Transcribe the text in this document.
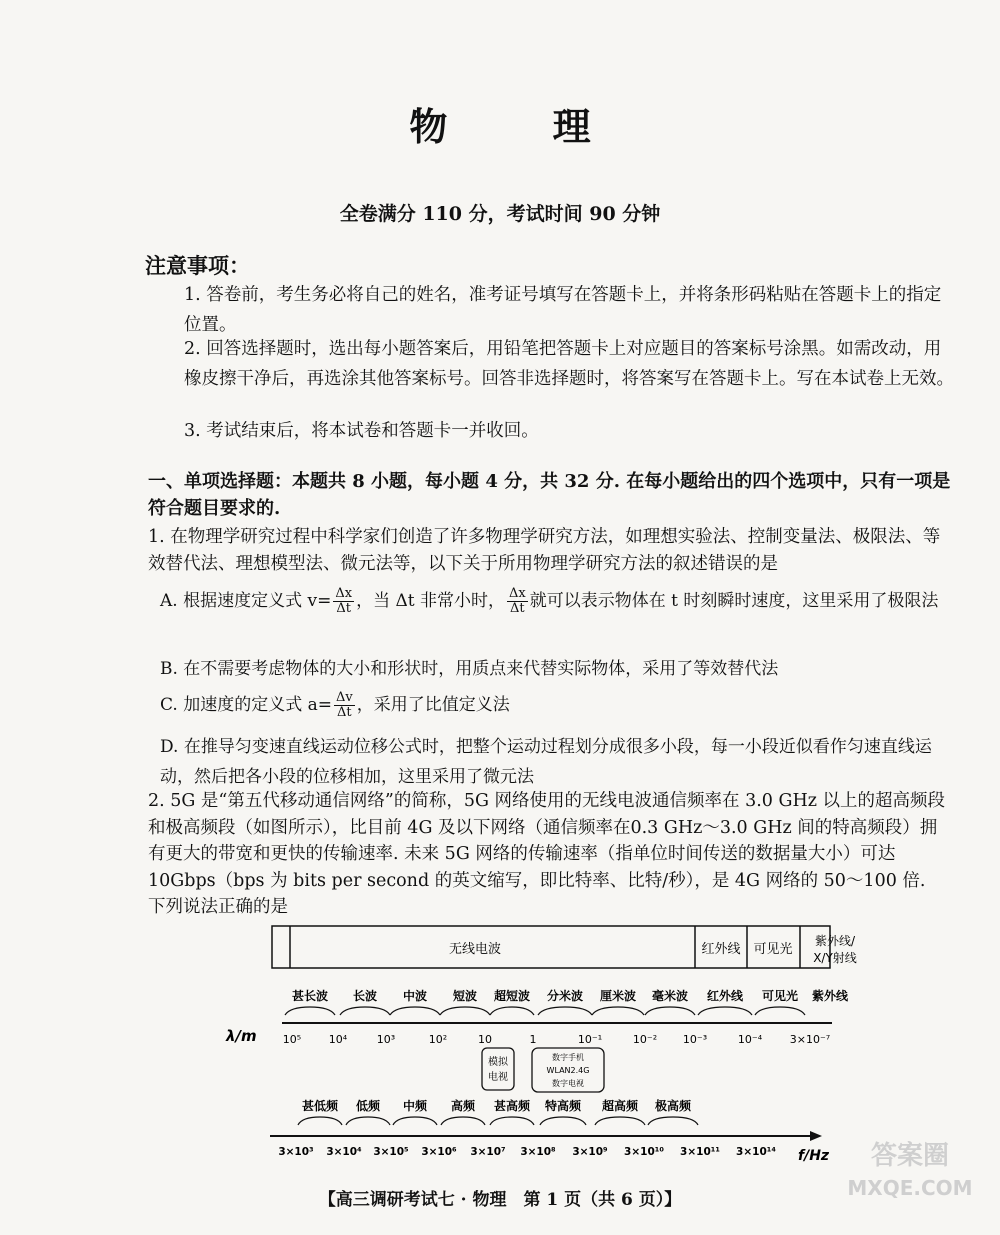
物 理
全卷满分 110 分，考试时间 90 分钟
注意事项：
1. 答卷前，考生务必将自己的姓名，准考证号填写在答题卡上，并将条形码粘贴在答题卡上的指定位置。
2. 回答选择题时，选出每小题答案后，用铅笔把答题卡上对应题目的答案标号涂黑。如需改动，用橡皮擦干净后，再选涂其他答案标号。回答非选择题时，将答案写在答题卡上。写在本试卷上无效。
3. 考试结束后，将本试卷和答题卡一并收回。
一、单项选择题：本题共 8 小题，每小题 4 分，共 32 分. 在每小题给出的四个选项中，只有一项是符合题目要求的.
1. 在物理学研究过程中科学家们创造了许多物理学研究方法，如理想实验法、控制变量法、极限法、等效替代法、理想模型法、微元法等，以下关于所用物理学研究方法的叙述错误的是
A. 根据速度定义式 $v= \frac{\Delta x}{\Delta t}$ ，当 Δt 非常小时， $\frac{\Delta x}{\Delta t}$ 就可以表示物体在 t 时刻瞬时速度，这里采用了极限法
B. 在不需要考虑物体的大小和形状时，用质点来代替实际物体，采用了等效替代法
C. 加速度的定义式 $a= \frac{\Delta v}{\Delta t}$ ，采用了比值定义法
D. 在推导匀变速直线运动位移公式时，把整个运动过程划分成很多小段，每一小段近似看作匀速直线运动，然后把各小段的位移相加，这里采用了微元法
2. 5G 是“第五代移动通信网络”的简称，5G 网络使用的无线电波通信频率在 3.0 GHz 以上的超高频段和极高频段（如图所示），比目前 4G 及以下网络（通信频率在0.3 GHz～3.0 GHz 间的特高频段）拥有更大的带宽和更快的传输速率. 未来 5G 网络的传输速率（指单位时间传送的数据量大小）可达 10Gbps（bps 为 bits per second 的英文缩写，即比特率、比特/秒），是 4G 网络的 50～100 倍. 下列说法正确的是
无线电波	红外线 可见光
紫外线/
X/Y射线
甚长波 长波 中波 短波 超短波 分米波 厘米波 毫米波 红外线 可见光 紫外线
λ/m 10⁵	10⁴	10³	10²	10	1	10⁻¹	10⁻² 10⁻³	10⁻⁴	3×10⁻⁷
模拟
电视
数字手机
WLAN2.4G
数字电视
甚低频 低频 中频 高频 甚高频 特高频 超高频 极高频
3×10³ 3×10⁴ 3×10⁵ 3×10⁶ 3×10⁷ 3×10⁸ 3×10⁹ 3×10¹⁰ 3×10¹¹ 3×10¹⁴ f/Hz
【高三调研考试七 · 物理　第 1 页（共 6 页）】
答案圈
MXQE.COM
